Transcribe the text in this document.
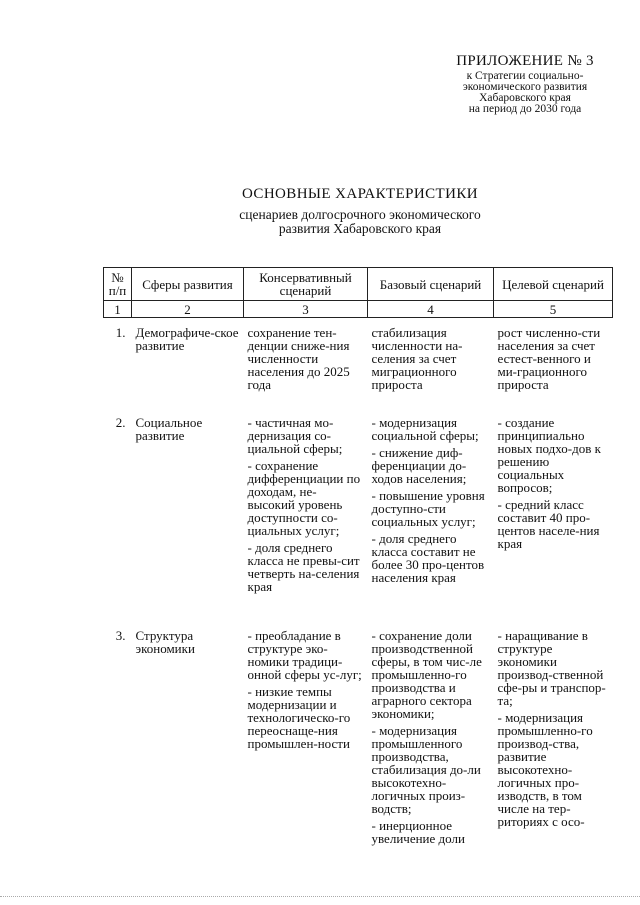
ПРИЛОЖЕНИЕ № 3
к Стратегии социально-
экономического развития
Хабаровского края
на период до 2030 года
ОСНОВНЫЕ ХАРАКТЕРИСТИКИ
сценариев долгосрочного экономического
развития Хабаровского края
№ п/п	Сферы развития	Консервативный сценарий	Базовый сценарий	Целевой сценарий
1	2	3	4	5
1.	Демографиче-ское развитие	сохранение тен-денции сниже-ния численности населения до 2025 года	стабилизация численности на-селения за счет миграционного прироста	рост численно-сти населения за счет естест-венного и ми-грационного прироста

2.	Социальное развитие	- частичная мо-дернизация со-циальной сферы;
- сохранение дифференциации по доходам, не-высокий уровень доступности со-циальных услуг;
- доля среднего класса не превы-сит четверть на-селения края	- модернизация социальной сферы;
- снижение диф-ференциации до-ходов населения;
- повышение уровня доступно-сти социальных услуг;
- доля среднего класса составит не более 30 про-центов населения края	- создание принципиально новых подхо-дов к решению социальных вопросов;
- средний класс составит 40 про-центов населе-ния края

3.	Структура экономики	- преобладание в структуре эко-номики традици-онной сферы ус-луг;
- низкие темпы модернизации и технологическо-го переоснаще-ния промышлен-ности	- сохранение доли производственной сферы, в том чис-ле промышленно-го производства и аграрного сектора экономики;
- модернизация промышленного производства, стабилизация до-ли высокотехно-логичных произ-водств;
- инерционное увеличение доли	- наращивание в структуре экономики производ-ственной сфе-ры и транспор-та;
- модернизация промышленно-го производ-ства, развитие высокотехно-логичных про-изводств, в том числе на тер-риториях с осо-
